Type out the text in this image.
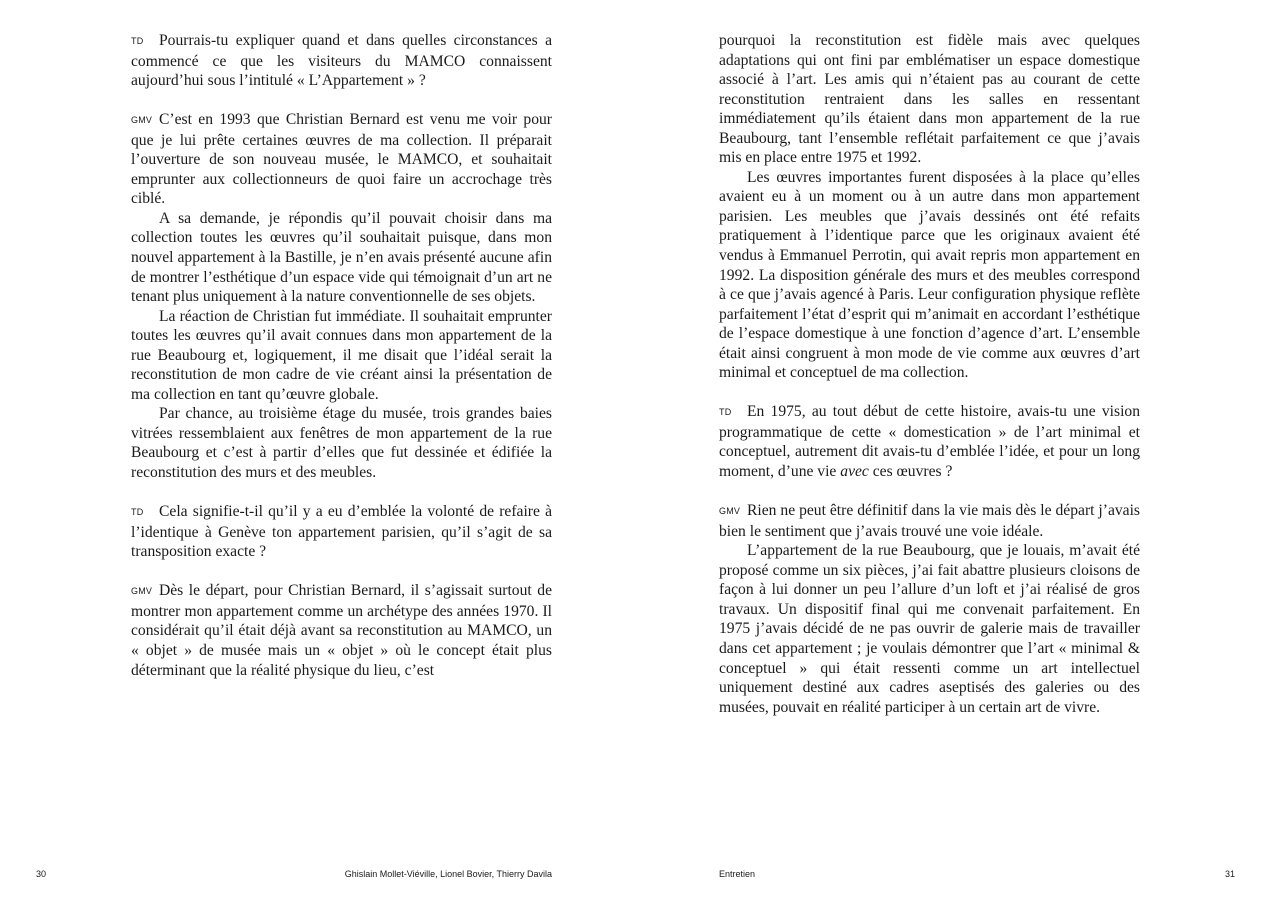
TD Pourrais-tu expliquer quand et dans quelles circonstances a commencé ce que les visiteurs du MAMCO connaissent aujourd’hui sous l’intitulé « L’Appartement » ?

GMV C’est en 1993 que Christian Bernard est venu me voir pour que je lui prête certaines œuvres de ma collection. Il préparait l’ouverture de son nouveau musée, le MAMCO, et souhaitait emprunter aux collectionneurs de quoi faire un accrochage très ciblé.

A sa demande, je répondis qu’il pouvait choisir dans ma collection toutes les œuvres qu’il souhaitait puisque, dans mon nouvel appartement à la Bastille, je n’en avais présenté aucune afin de montrer l’esthétique d’un espace vide qui témoignait d’un art ne tenant plus uniquement à la nature conventionnelle de ses objets.

La réaction de Christian fut immédiate. Il souhaitait emprunter toutes les œuvres qu’il avait connues dans mon appartement de la rue Beaubourg et, logiquement, il me disait que l’idéal serait la reconstitution de mon cadre de vie créant ainsi la présentation de ma collection en tant qu’œuvre globale.

Par chance, au troisième étage du musée, trois grandes baies vitrées ressemblaient aux fenêtres de mon appartement de la rue Beaubourg et c’est à partir d’elles que fut dessinée et édifiée la reconstitution des murs et des meubles.

TD Cela signifie-t-il qu’il y a eu d’emblée la volonté de refaire à l’identique à Genève ton appartement parisien, qu’il s’agit de sa transposition exacte ?

GMV Dès le départ, pour Christian Bernard, il s’agissait surtout de montrer mon appartement comme un archétype des années 1970. Il considérait qu’il était déjà avant sa reconstitution au MAMCO, un « objet » de musée mais un « objet » où le concept était plus déterminant que la réalité physique du lieu, c’est

30	Ghislain Mollet-Viéville, Lionel Bovier, Thierry Davila

pourquoi la reconstitution est fidèle mais avec quelques adaptations qui ont fini par emblématiser un espace domestique associé à l’art. Les amis qui n’étaient pas au courant de cette reconstitution rentraient dans les salles en ressentant immédiatement qu’ils étaient dans mon appartement de la rue Beaubourg, tant l’ensemble reflétait parfaitement ce que j’avais mis en place entre 1975 et 1992.

Les œuvres importantes furent disposées à la place qu’elles avaient eu à un moment ou à un autre dans mon appartement parisien. Les meubles que j’avais dessinés ont été refaits pratiquement à l’identique parce que les originaux avaient été vendus à Emmanuel Perrotin, qui avait repris mon appartement en 1992. La disposition générale des murs et des meubles correspond à ce que j’avais agencé à Paris. Leur configuration physique reflète parfaitement l’état d’esprit qui m’animait en accordant l’esthétique de l’espace domestique à une fonction d’agence d’art. L’ensemble était ainsi congruent à mon mode de vie comme aux œuvres d’art minimal et conceptuel de ma collection.

TD En 1975, au tout début de cette histoire, avais-tu une vision programmatique de cette « domestication » de l’art minimal et conceptuel, autrement dit avais-tu d’emblée l’idée, et pour un long moment, d’une vie avec ces œuvres ?

GMV Rien ne peut être définitif dans la vie mais dès le départ j’avais bien le sentiment que j’avais trouvé une voie idéale.

L’appartement de la rue Beaubourg, que je louais, m’avait été proposé comme un six pièces, j’ai fait abattre plusieurs cloisons de façon à lui donner un peu l’allure d’un loft et j’ai réalisé de gros travaux. Un dispositif final qui me convenait parfaitement. En 1975 j’avais décidé de ne pas ouvrir de galerie mais de travailler dans cet appartement ; je voulais démontrer que l’art « minimal & conceptuel » qui était ressenti comme un art intellectuel uniquement destiné aux cadres aseptisés des galeries ou des musées, pouvait en réalité participer à un certain art de vivre.

Entretien	31
